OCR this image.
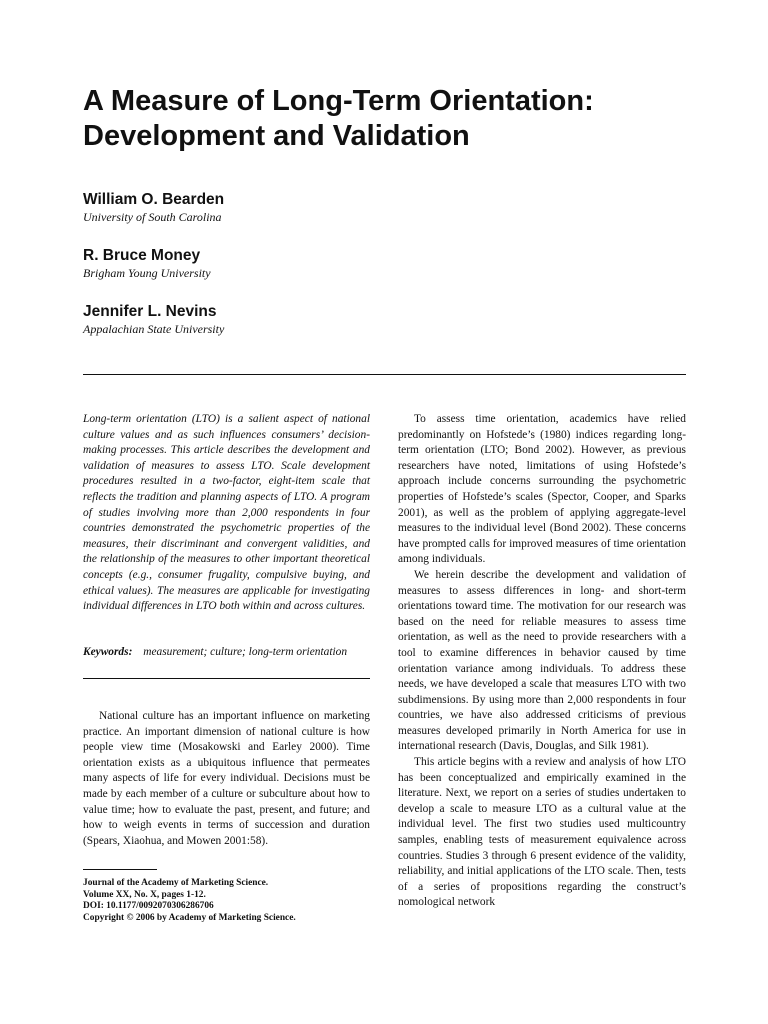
A Measure of Long-Term Orientation:
Development and Validation
William O. Bearden
University of South Carolina
R. Bruce Money
Brigham Young University
Jennifer L. Nevins
Appalachian State University

Long-term orientation (LTO) is a salient aspect of national culture values and as such influences consumers’ decision-making processes. This article describes the development and validation of measures to assess LTO. Scale development procedures resulted in a two-factor, eight-item scale that reflects the tradition and planning aspects of LTO. A program of studies involving more than 2,000 respondents in four countries demonstrated the psychometric properties of the measures, their discriminant and convergent validities, and the relationship of the measures to other important theoretical concepts (e.g., consumer frugality, compulsive buying, and ethical values). The measures are applicable for investigating individual differences in LTO both within and across cultures.

Keywords: measurement; culture; long-term orientation

National culture has an important influence on marketing practice. An important dimension of national culture is how people view time (Mosakowski and Earley 2000). Time orientation exists as a ubiquitous influence that permeates many aspects of life for every individual. Decisions must be made by each member of a culture or subculture about how to value time; how to evaluate the past, present, and future; and how to weigh events in terms of succession and duration (Spears, Xiaohua, and Mowen 2001:58).

Journal of the Academy of Marketing Science.
Volume XX, No. X, pages 1-12.
DOI: 10.1177/0092070306286706
Copyright © 2006 by Academy of Marketing Science.

To assess time orientation, academics have relied predominantly on Hofstede’s (1980) indices regarding long-term orientation (LTO; Bond 2002). However, as previous researchers have noted, limitations of using Hofstede’s approach include concerns surrounding the psychometric properties of Hofstede’s scales (Spector, Cooper, and Sparks 2001), as well as the problem of applying aggregate-level measures to the individual level (Bond 2002). These concerns have prompted calls for improved measures of time orientation among individuals.

We herein describe the development and validation of measures to assess differences in long- and short-term orientations toward time. The motivation for our research was based on the need for reliable measures to assess time orientation, as well as the need to provide researchers with a tool to examine differences in behavior caused by time orientation variance among individuals. To address these needs, we have developed a scale that measures LTO with two subdimensions. By using more than 2,000 respondents in four countries, we have also addressed criticisms of previous measures developed primarily in North America for use in international research (Davis, Douglas, and Silk 1981).

This article begins with a review and analysis of how LTO has been conceptualized and empirically examined in the literature. Next, we report on a series of studies undertaken to develop a scale to measure LTO as a cultural value at the individual level. The first two studies used multicountry samples, enabling tests of measurement equivalence across countries. Studies 3 through 6 present evidence of the validity, reliability, and initial applications of the LTO scale. Then, tests of a series of propositions regarding the construct’s nomological network
